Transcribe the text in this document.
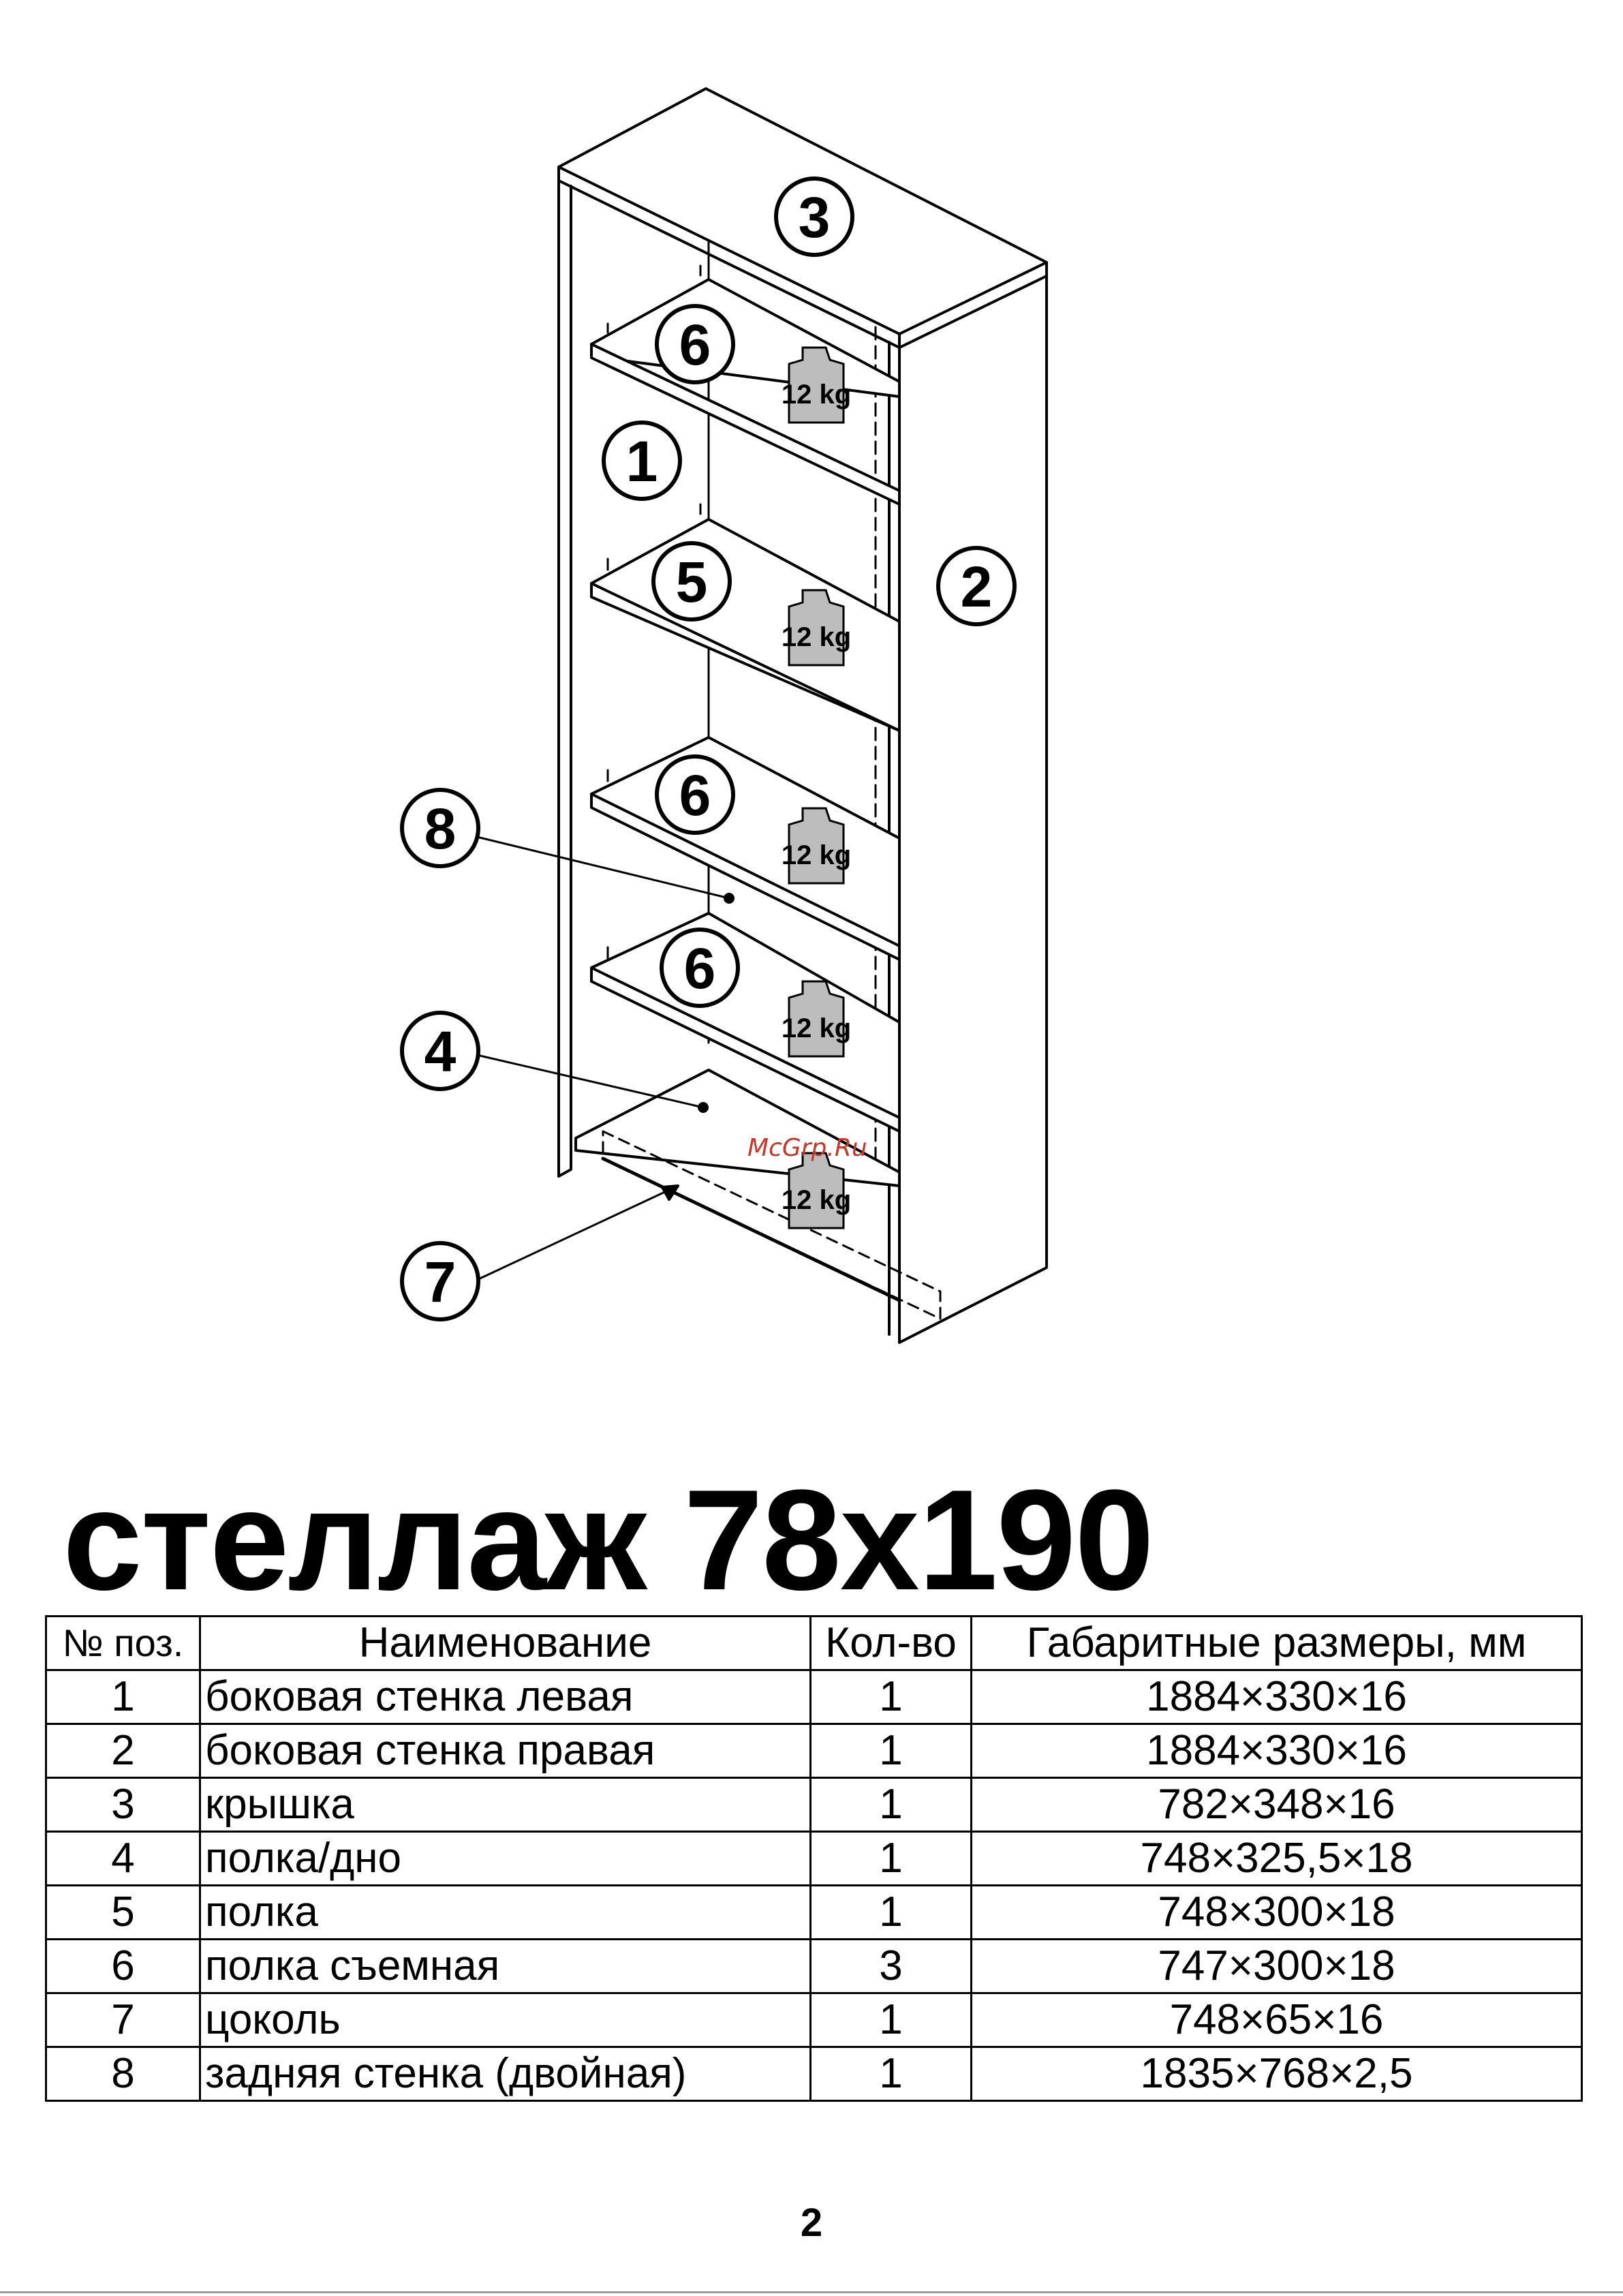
12 kg
12 kg
12 kg
12 kg
12 kg
3
6
1
5	2
6
8
6
4
7
McGrp.Ru
стеллаж 78x190
№ поз.	Наименование	Кол-во	Габаритные размеры, мм
1	боковая стенка левая	1	1884×330×16
2	боковая стенка правая	1	1884×330×16
3	крышка	1	782×348×16
4	полка/дно	1	748×325,5×18
5	полка	1	748×300×18
6	полка съемная	3	747×300×18
7	цоколь	1	748×65×16
8	задняя стенка (двойная)	1	1835×768×2,5
2
